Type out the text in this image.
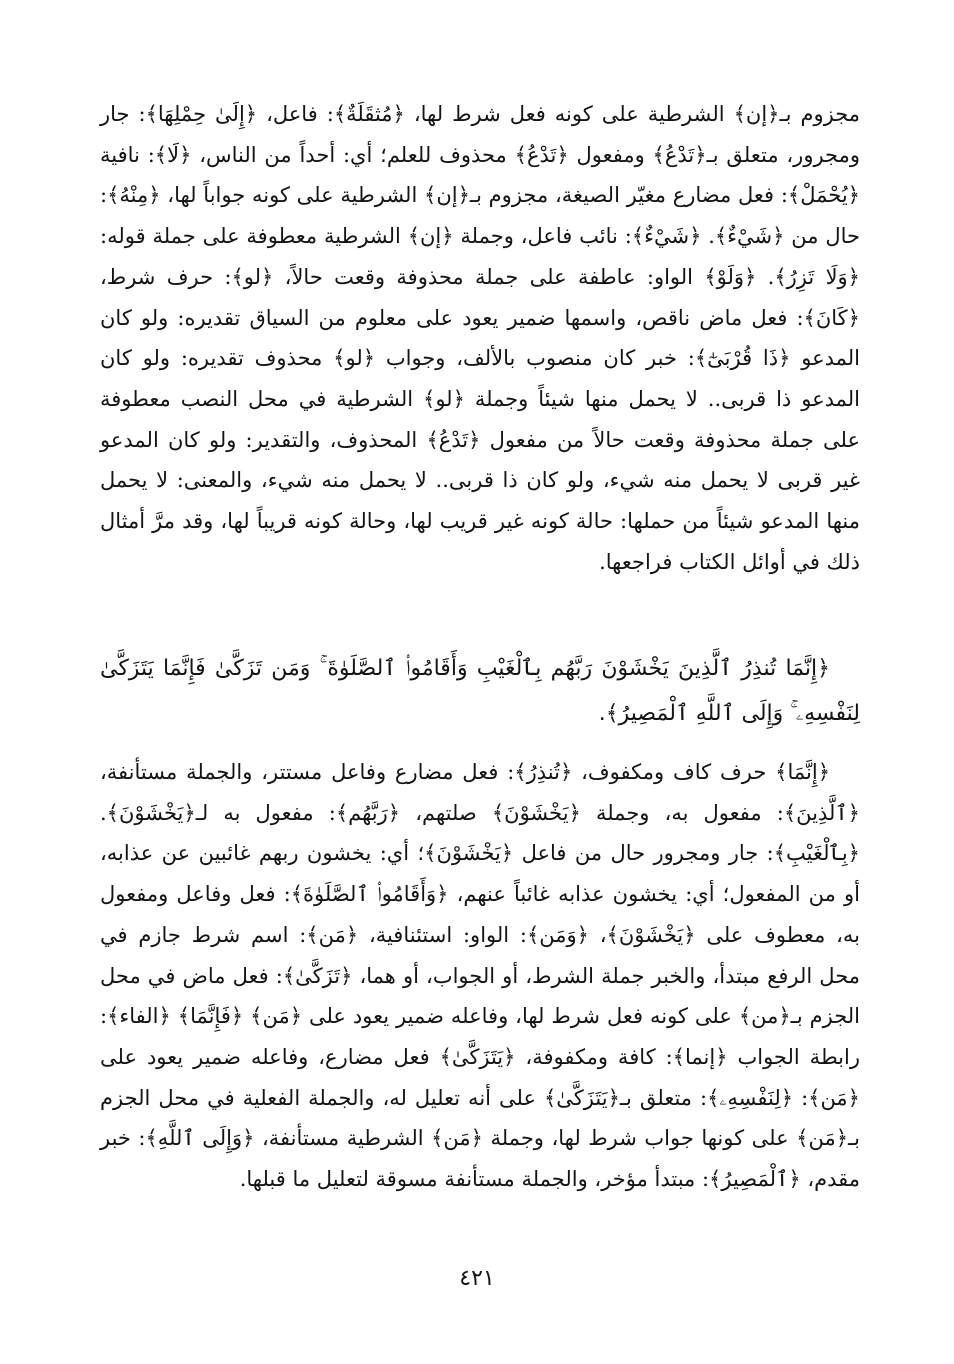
مجزوم بـ﴿إن﴾ الشرطية على كونه فعل شرط لها، ﴿مُثقَلَةٌ﴾: فاعل، ﴿إِلَىٰ حِمْلِهَا﴾: جار ومجرور، متعلق بـ﴿تَدْعُ﴾ ومفعول ﴿تَدْعُ﴾ محذوف للعلم؛ أي: أحداً من الناس، ﴿لَا﴾: نافية ﴿يُحْمَلْ﴾: فعل مضارع مغيّر الصيغة، مجزوم بـ﴿إن﴾ الشرطية على كونه جواباً لها، ﴿مِنْهُ﴾: حال من ﴿شَيْءٌ﴾. ﴿شَيْءٌ﴾: نائب فاعل، وجملة ﴿إن﴾ الشرطية معطوفة على جملة قوله: ﴿وَلَا تَزِرُ﴾. ﴿وَلَوْ﴾ الواو: عاطفة على جملة محذوفة وقعت حالاً، ﴿لو﴾: حرف شرط، ﴿كَانَ﴾: فعل ماض ناقص، واسمها ضمير يعود على معلوم من السياق تقديره: ولو كان المدعو ﴿ذَا قُرْبَىٰٓ﴾: خبر كان منصوب بالألف، وجواب ﴿لو﴾ محذوف تقديره: ولو كان المدعو ذا قربى.. لا يحمل منها شيئاً وجملة ﴿لو﴾ الشرطية في محل النصب معطوفة على جملة محذوفة وقعت حالاً من مفعول ﴿تَدْعُ﴾ المحذوف، والتقدير: ولو كان المدعو غير قربى لا يحمل منه شيء، ولو كان ذا قربى.. لا يحمل منه شيء، والمعنى: لا يحمل منها المدعو شيئاً من حملها: حالة كونه غير قريب لها، وحالة كونه قريباً لها، وقد مرَّ أمثال ذلك في أوائل الكتاب فراجعها.

﴿إِنَّمَا تُنذِرُ ٱلَّذِينَ يَخْشَوْنَ رَبَّهُم بِٱلْغَيْبِ وَأَقَامُوا۟ ٱلصَّلَوٰةَ ۚ وَمَن تَزَكَّىٰ فَإِنَّمَا يَتَزَكَّىٰ لِنَفْسِهِۦ ۚ وَإِلَى ٱللَّهِ ٱلْمَصِيرُ﴾.

﴿إِنَّمَا﴾ حرف كاف ومكفوف، ﴿تُنذِرُ﴾: فعل مضارع وفاعل مستتر، والجملة مستأنفة، ﴿ٱلَّذِينَ﴾: مفعول به، وجملة ﴿يَخْشَوْنَ﴾ صلتهم، ﴿رَبَّهُم﴾: مفعول به لـ﴿يَخْشَوْنَ﴾. ﴿بِٱلْغَيْبِ﴾: جار ومجرور حال من فاعل ﴿يَخْشَوْنَ﴾؛ أي: يخشون ربهم غائبين عن عذابه، أو من المفعول؛ أي: يخشون عذابه غائباً عنهم، ﴿وَأَقَامُوا۟ ٱلصَّلَوٰةَ﴾: فعل وفاعل ومفعول به، معطوف على ﴿يَخْشَوْنَ﴾، ﴿وَمَن﴾: الواو: استئنافية، ﴿مَن﴾: اسم شرط جازم في محل الرفع مبتدأ، والخبر جملة الشرط، أو الجواب، أو هما، ﴿تَزَكَّىٰ﴾: فعل ماض في محل الجزم بـ﴿من﴾ على كونه فعل شرط لها، وفاعله ضمير يعود على ﴿مَن﴾ ﴿فَإِنَّمَا﴾ ﴿الفاء﴾: رابطة الجواب ﴿إنما﴾: كافة ومكفوفة، ﴿يَتَزَكَّىٰ﴾ فعل مضارع، وفاعله ضمير يعود على ﴿مَن﴾: ﴿لِنَفْسِهِۦ﴾: متعلق بـ﴿يَتَزَكَّىٰ﴾ على أنه تعليل له، والجملة الفعلية في محل الجزم بـ﴿مَن﴾ على كونها جواب شرط لها، وجملة ﴿مَن﴾ الشرطية مستأنفة، ﴿وَإِلَى ٱللَّهِ﴾: خبر مقدم، ﴿ٱلْمَصِيرُ﴾: مبتدأ مؤخر، والجملة مستأنفة مسوقة لتعليل ما قبلها.

٤٢١
